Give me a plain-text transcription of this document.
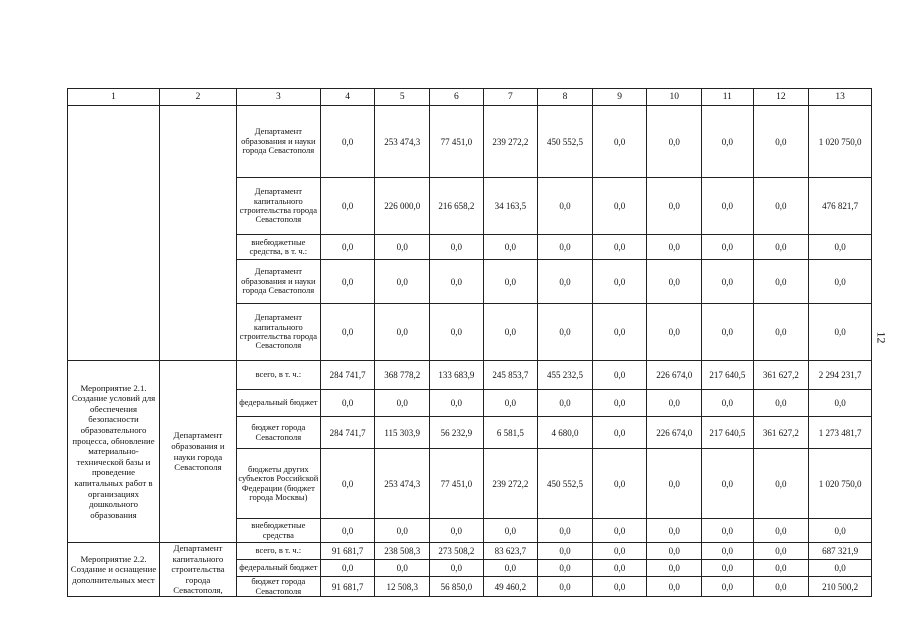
1	2	3	4	5	6	7	8	9	10	11	12	13
		Департамент образования и науки города Севастополя	0,0	253 474,3	77 451,0	239 272,2	450 552,5	0,0	0,0	0,0	0,0	1 020 750,0
		Департамент капитального строительства города Севастополя	0,0	226 000,0	216 658,2	34 163,5	0,0	0,0	0,0	0,0	0,0	476 821,7
		внебюджетные средства, в т. ч.:	0,0	0,0	0,0	0,0	0,0	0,0	0,0	0,0	0,0	0,0
		Департамент образования и науки города Севастополя	0,0	0,0	0,0	0,0	0,0	0,0	0,0	0,0	0,0	0,0
		Департамент капитального строительства города Севастополя	0,0	0,0	0,0	0,0	0,0	0,0	0,0	0,0	0,0	0,0
Мероприятие 2.1. Создание условий для обеспечения безопасности образовательного процесса, обновление материально-технической базы и проведение капитальных работ в организациях дошкольного образования	Департамент образования и науки города Севастополя	всего, в т. ч.:	284 741,7	368 778,2	133 683,9	245 853,7	455 232,5	0,0	226 674,0	217 640,5	361 627,2	2 294 231,7
		федеральный бюджет	0,0	0,0	0,0	0,0	0,0	0,0	0,0	0,0	0,0	0,0
		бюджет города Севастополя	284 741,7	115 303,9	56 232,9	6 581,5	4 680,0	0,0	226 674,0	217 640,5	361 627,2	1 273 481,7
		бюджеты других субъектов Российской Федерации (бюджет города Москвы)	0,0	253 474,3	77 451,0	239 272,2	450 552,5	0,0	0,0	0,0	0,0	1 020 750,0
		внебюджетные средства	0,0	0,0	0,0	0,0	0,0	0,0	0,0	0,0	0,0	0,0
Мероприятие 2.2. Создание и оснащение дополнительных мест	Департамент капитального строительства города Севастополя,	всего, в т. ч.:	91 681,7	238 508,3	273 508,2	83 623,7	0,0	0,0	0,0	0,0	0,0	687 321,9
		федеральный бюджет	0,0	0,0	0,0	0,0	0,0	0,0	0,0	0,0	0,0	0,0
		бюджет города Севастополя	91 681,7	12 508,3	56 850,0	49 460,2	0,0	0,0	0,0	0,0	0,0	210 500,2
12
